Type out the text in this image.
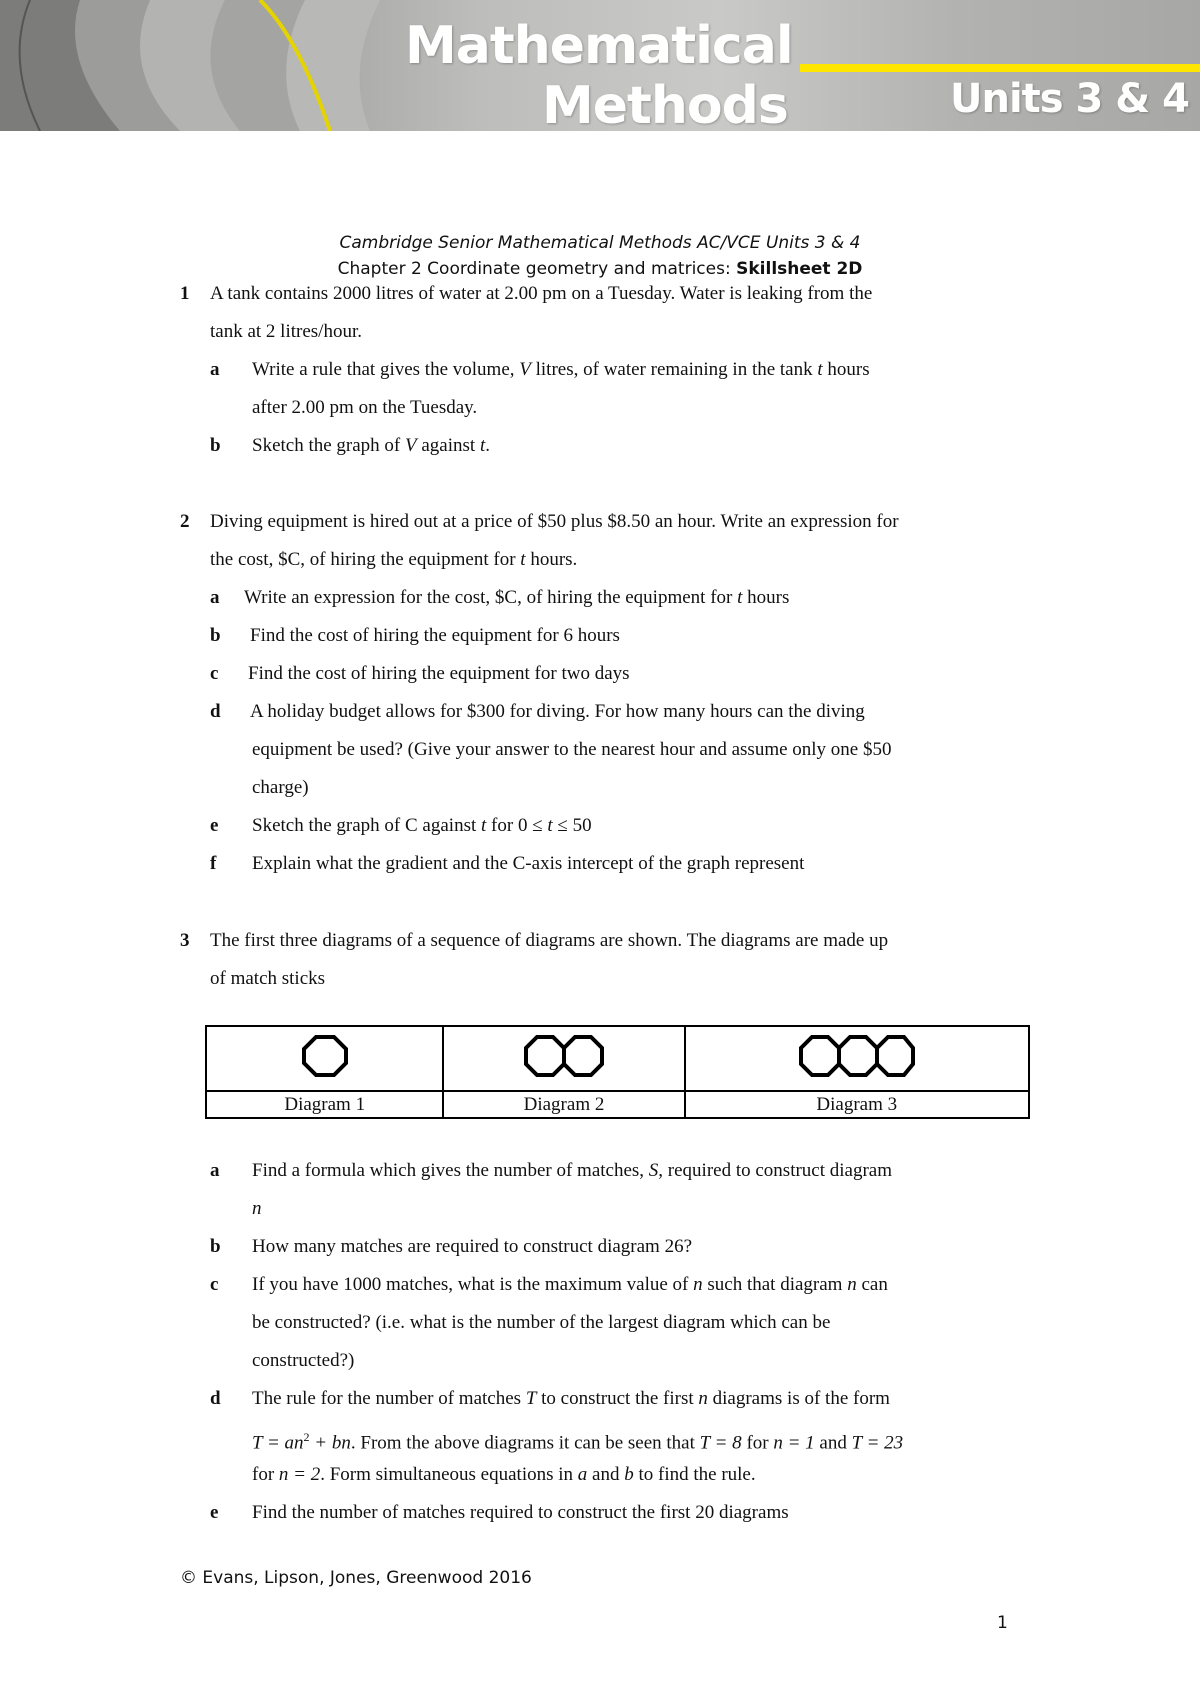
Mathematical
Methods	Units 3 & 4
Cambridge Senior Mathematical Methods AC/VCE Units 3 & 4
Chapter 2 Coordinate geometry and matrices: Skillsheet 2D
1 A tank contains 2000 litres of water at 2.00 pm on a Tuesday. Water is leaking from the
tank at 2 litres/hour.
a Write a rule that gives the volume, V litres, of water remaining in the tank t hours
after 2.00 pm on the Tuesday.
b Sketch the graph of V against t.
2 Diving equipment is hired out at a price of $50 plus $8.50 an hour. Write an expression for
the cost, $C, of hiring the equipment for t hours.
a Write an expression for the cost, $C, of hiring the equipment for t hours
b Find the cost of hiring the equipment for 6 hours
c Find the cost of hiring the equipment for two days
d A holiday budget allows for $300 for diving. For how many hours can the diving
equipment be used? (Give your answer to the nearest hour and assume only one $50
charge)
e Sketch the graph of C against t for 0 ≤ t ≤ 50
f Explain what the gradient and the C-axis intercept of the graph represent
3 The first three diagrams of a sequence of diagrams are shown. The diagrams are made up
of match sticks

Diagram 1	Diagram 2	Diagram 3
a Find a formula which gives the number of matches, S, required to construct diagram
n
b How many matches are required to construct diagram 26?
c If you have 1000 matches, what is the maximum value of n such that diagram n can
be constructed? (i.e. what is the number of the largest diagram which can be
constructed?)
d The rule for the number of matches T to construct the first n diagrams is of the form
$T = an^2$ + bn. From the above diagrams it can be seen that T = 8 for n = 1 and T = 23
for n = 2. Form simultaneous equations in a and b to find the rule.
e Find the number of matches required to construct the first 20 diagrams
© Evans, Lipson, Jones, Greenwood 2016
1
